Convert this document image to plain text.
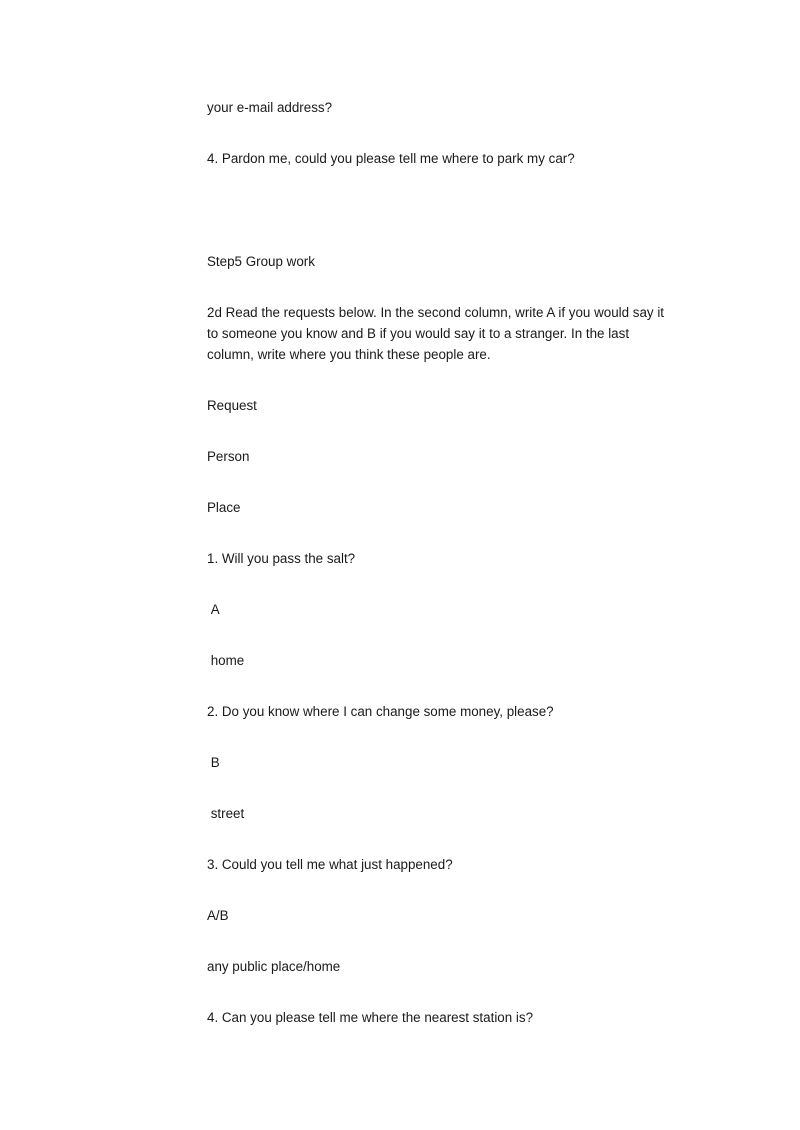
your e-mail address?
4. Pardon me, could you please tell me where to park my car?
Step5 Group work
2d Read the requests below. In the second column, write A if you would say it to someone you know and B if you would say it to a stranger. In the last column, write where you think these people are.
Request
Person
Place
1. Will you pass the salt?
A
home
2. Do you know where I can change some money, please?
B
street
3. Could you tell me what just happened?
A/B
any public place/home
4. Can you please tell me where the nearest station is?
